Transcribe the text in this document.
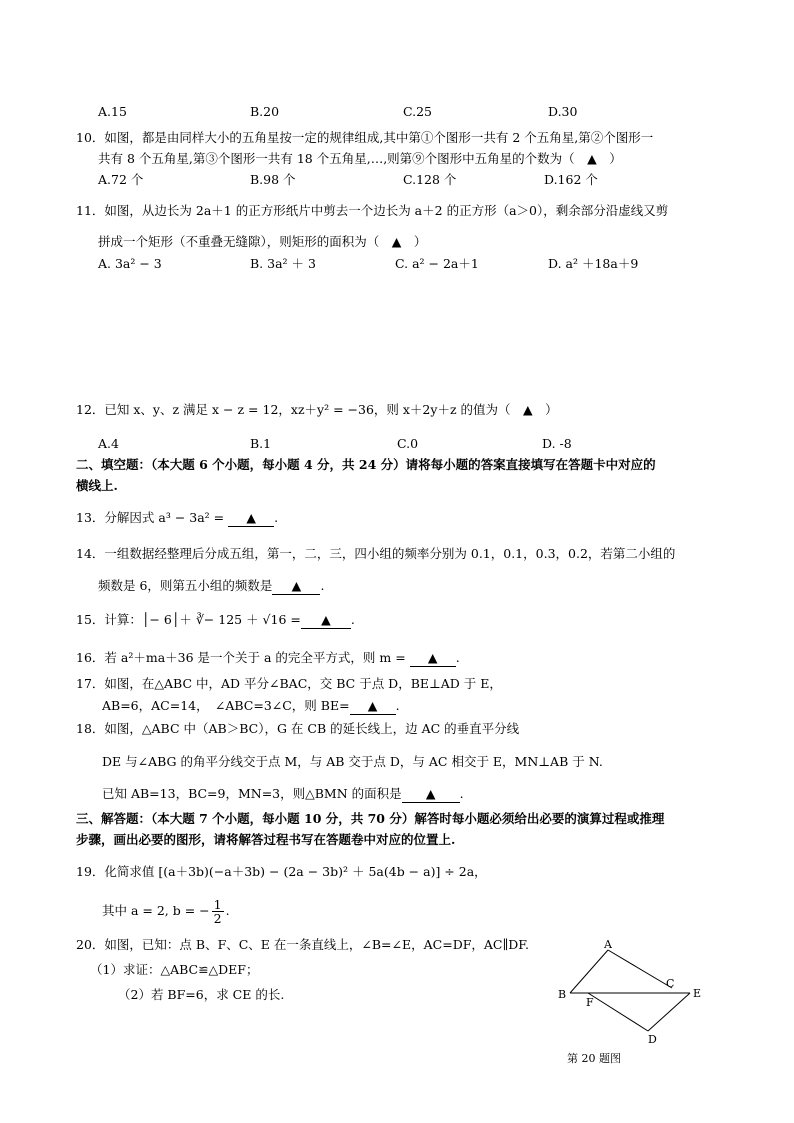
A.15	B.20	C.25	D.30
10．如图，都是由同样大小的五角星按一定的规律组成,其中第①个图形一共有 2 个五角星,第②个图形一
共有 8 个五角星,第③个图形一共有 18 个五角星,…,则第⑨个图形中五角星的个数为（　▲　）
A.72 个	B.98 个	C.128 个	D.162 个
11．如图，从边长为 2a＋1 的正方形纸片中剪去一个边长为 a＋2 的正方形（a＞0），剩余部分沿虚线又剪
拼成一个矩形（不重叠无缝隙），则矩形的面积为（　▲　）
A. 3a² − 3	B. 3a² ＋ 3	C. a² − 2a＋1	D. a² ＋18a＋9
12．已知 x、y、z 满足 x − z = 12，xz＋y² = −36，则 x＋2y＋z 的值为（　▲　）
A.4	B.1	C.0	D. -8
二、填空题：（本大题 6 个小题，每小题 4 分，共 24 分）请将每小题的答案直接填写在答题卡中对应的
横线上.
13．分解因式 a³ − 3a² = ▲ .
14．一组数据经整理后分成五组，第一，二，三，四小组的频率分别为 0.1，0.1，0.3，0.2，若第二小组的
频数是 6，则第五小组的频数是 ▲ .
15．计算：│− 6│＋ ∛− 125 ＋ √16 = ▲ .
16．若 a²＋ma＋36 是一个关于 a 的完全平方式，则 m = ▲ .
17．如图，在△ABC 中，AD 平分∠BAC，交 BC 于点 D，BE⊥AD 于 E，
AB=6，AC=14，　∠ABC=3∠C，则 BE= ▲ .
18．如图，△ABC 中（AB＞BC），G 在 CB 的延长线上，边 AC 的垂直平分线
DE 与∠ABG 的角平分线交于点 M，与 AB 交于点 D，与 AC 相交于 E，MN⊥AB 于 N.
已知 AB=13，BC=9，MN=3，则△BMN 的面积是 ▲ .
三、解答题：（本大题 7 个小题，每小题 10 分，共 70 分）解答时每小题必须给出必要的演算过程或推理
步骤，画出必要的图形，请将解答过程书写在答题卷中对应的位置上.
19．化简求值 [(a＋3b)(−a＋3b) − (2a − 3b)² ＋ 5a(4b − a)] ÷ 2a，
其中 a = 2, b = − $\frac{1}{2}$ .
20．如图，已知：点 B、F、C、E 在一条直线上，∠B=∠E，AC=DF，AC∥DF.
（1）求证：△ABC≌△DEF；
（2）若 BF=6，求 CE 的长.
A
B
F
C
E
D
第 20 题图
